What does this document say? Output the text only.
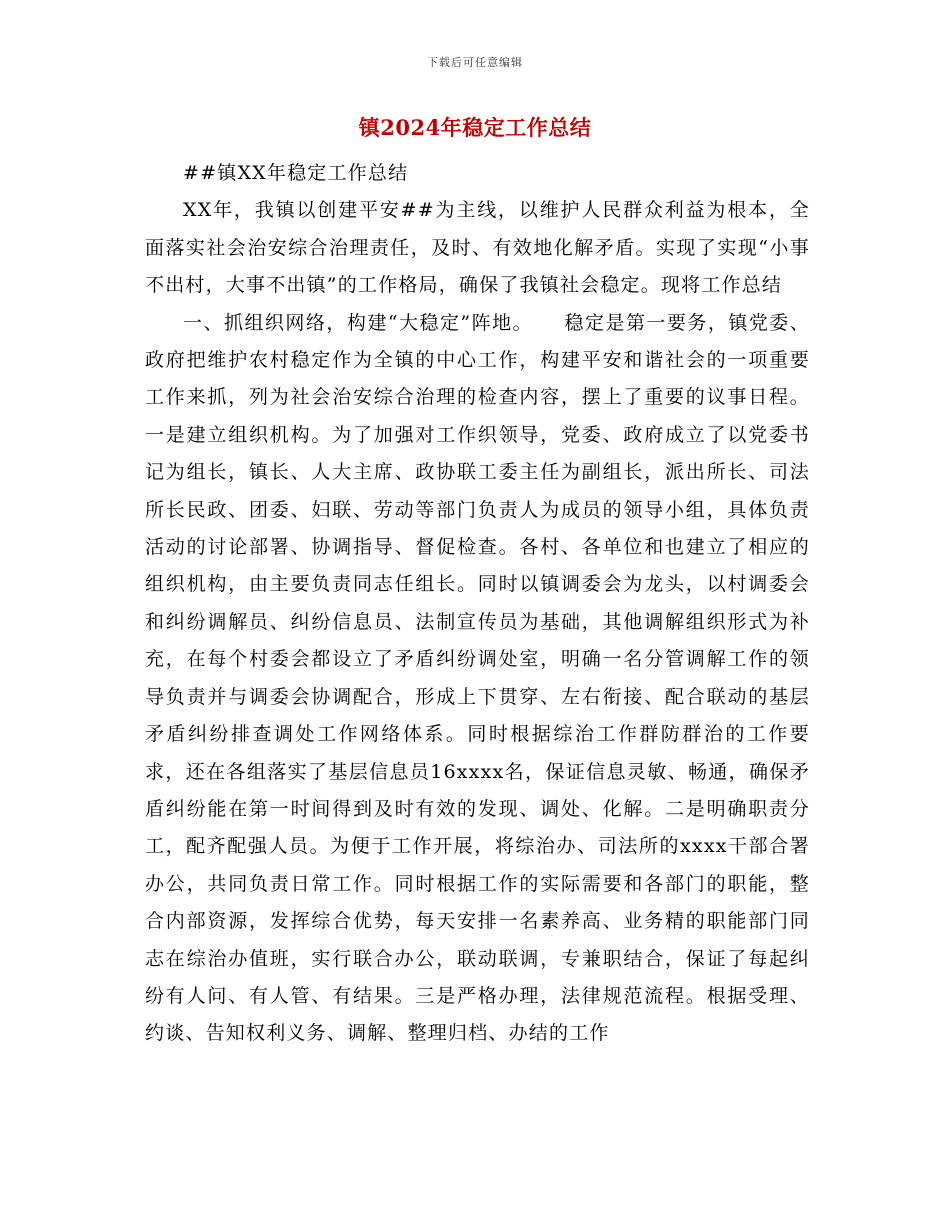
下载后可任意编辑
镇2024年稳定工作总结

##镇XX年稳定工作总结

XX年，我镇以创建平安##为主线，以维护人民群众利益为根本，全面落实社会治安综合治理责任，及时、有效地化解矛盾。实现了实现“小事不出村，大事不出镇”的工作格局，确保了我镇社会稳定。现将工作总结

一、抓组织网络，构建“大稳定”阵地。　　稳定是第一要务，镇党委、政府把维护农村稳定作为全镇的中心工作，构建平安和谐社会的一项重要工作来抓，列为社会治安综合治理的检查内容，摆上了重要的议事日程。一是建立组织机构。为了加强对工作织领导，党委、政府成立了以党委书记为组长，镇长、人大主席、政协联工委主任为副组长，派出所长、司法所长民政、团委、妇联、劳动等部门负责人为成员的领导小组，具体负责活动的讨论部署、协调指导、督促检查。各村、各单位和也建立了相应的组织机构，由主要负责同志任组长。同时以镇调委会为龙头，以村调委会和纠纷调解员、纠纷信息员、法制宣传员为基础，其他调解组织形式为补充，在每个村委会都设立了矛盾纠纷调处室，明确一名分管调解工作的领导负责并与调委会协调配合，形成上下贯穿、左右衔接、配合联动的基层矛盾纠纷排查调处工作网络体系。同时根据综治工作群防群治的工作要求，还在各组落实了基层信息员16xxxx名，保证信息灵敏、畅通，确保矛盾纠纷能在第一时间得到及时有效的发现、调处、化解。二是明确职责分工，配齐配强人员。为便于工作开展，将综治办、司法所的xxxx干部合署办公，共同负责日常工作。同时根据工作的实际需要和各部门的职能，整合内部资源，发挥综合优势，每天安排一名素养高、业务精的职能部门同志在综治办值班，实行联合办公，联动联调，专兼职结合，保证了每起纠纷有人问、有人管、有结果。三是严格办理，法律规范流程。根据受理、约谈、告知权利义务、调解、整理归档、办结的工作
